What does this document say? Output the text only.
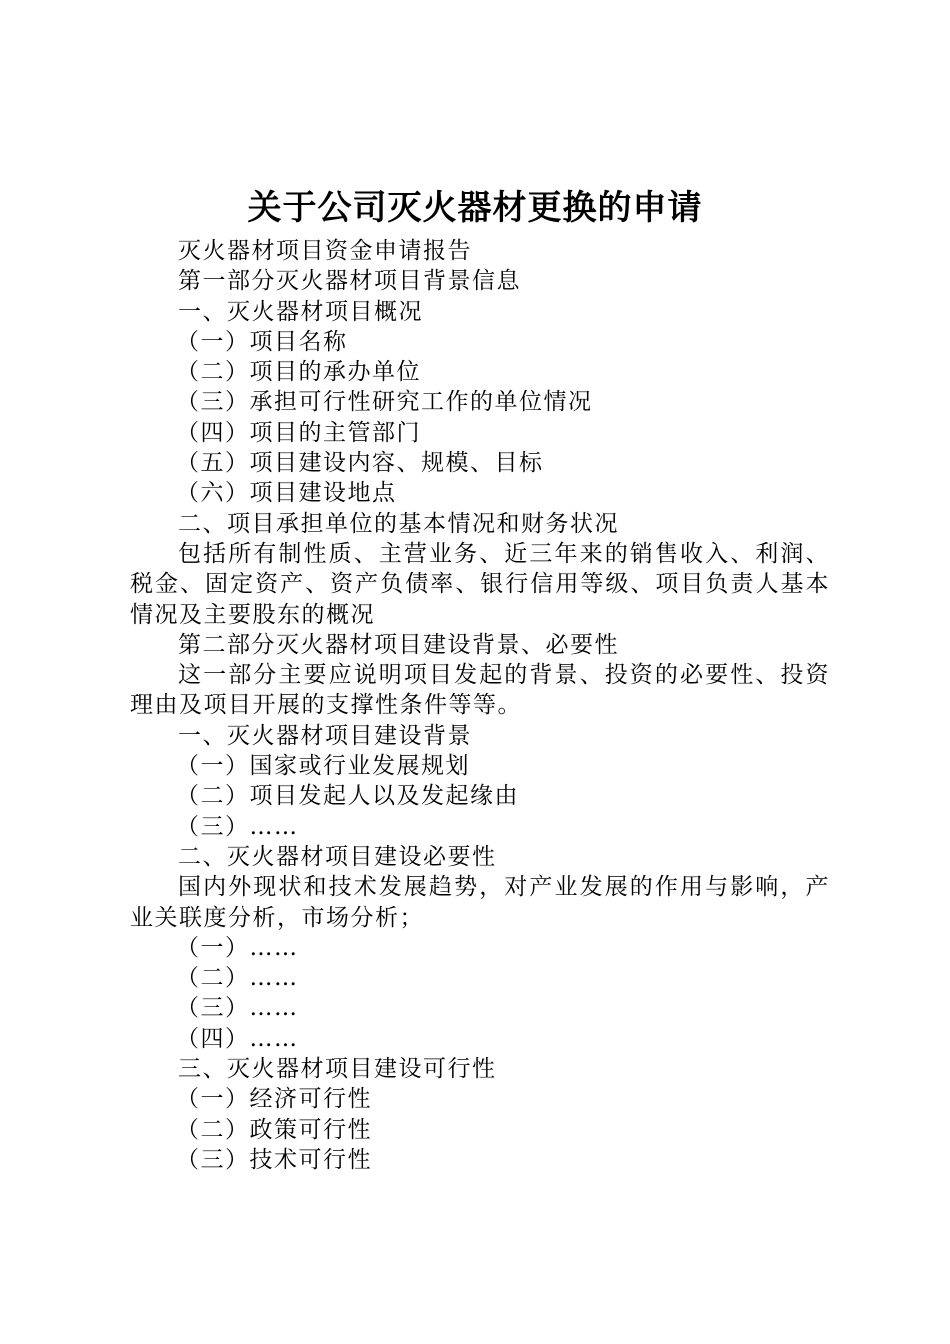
关于公司灭火器材更换的申请

灭火器材项目资金申请报告

第一部分灭火器材项目背景信息

一、灭火器材项目概况

（一）项目名称

（二）项目的承办单位

（三）承担可行性研究工作的单位情况

（四）项目的主管部门

（五）项目建设内容、规模、目标

（六）项目建设地点

二、项目承担单位的基本情况和财务状况

包括所有制性质、主营业务、近三年来的销售收入、利润、税金、固定资产、资产负债率、银行信用等级、项目负责人基本情况及主要股东的概况

第二部分灭火器材项目建设背景、必要性

这一部分主要应说明项目发起的背景、投资的必要性、投资理由及项目开展的支撑性条件等等。

一、灭火器材项目建设背景

（一）国家或行业发展规划

（二）项目发起人以及发起缘由

（三）……

二、灭火器材项目建设必要性

国内外现状和技术发展趋势，对产业发展的作用与影响，产业关联度分析，市场分析；

（一）……

（二）……

（三）……

（四）……

三、灭火器材项目建设可行性

（一）经济可行性

（二）政策可行性

（三）技术可行性
